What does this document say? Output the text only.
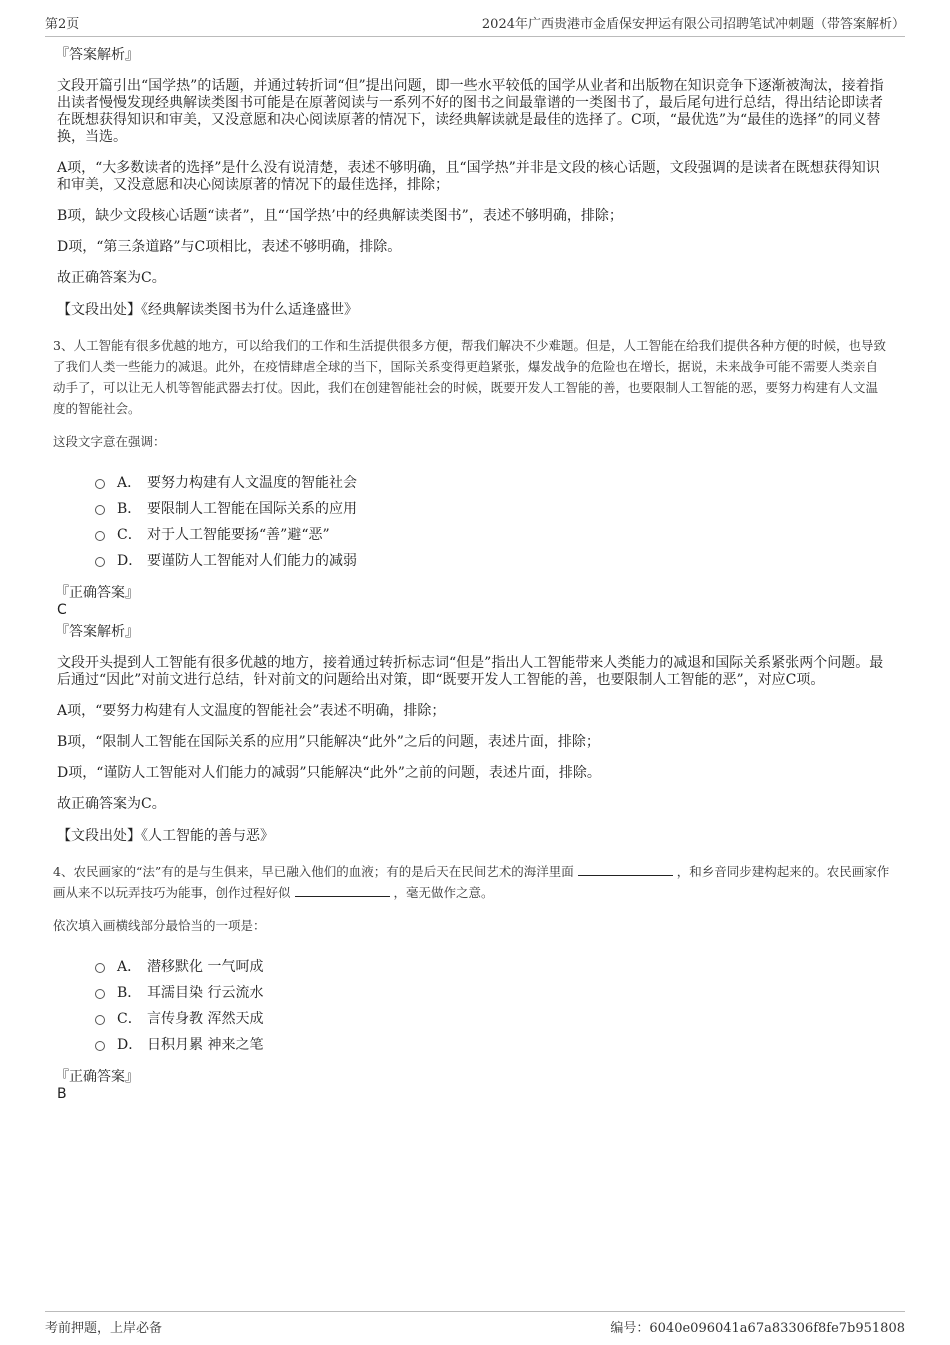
第2页	2024年广西贵港市金盾保安押运有限公司招聘笔试冲刺题（带答案解析）

『答案解析』

文段开篇引出“国学热”的话题，并通过转折词“但”提出问题，即一些水平较低的国学从业者和出版物在知识竞争下逐渐被淘汰，接着指出读者慢慢发现经典解读类图书可能是在原著阅读与一系列不好的图书之间最靠谱的一类图书了，最后尾句进行总结，得出结论即读者在既想获得知识和审美，又没意愿和决心阅读原著的情况下，读经典解读就是最佳的选择了。C项，“最优选”为“最佳的选择”的同义替换，当选。

A项，“大多数读者的选择”是什么没有说清楚，表述不够明确，且“国学热”并非是文段的核心话题，文段强调的是读者在既想获得知识和审美，又没意愿和决心阅读原著的情况下的最佳选择，排除；

B项，缺少文段核心话题“读者”，且“‘国学热’中的经典解读类图书”，表述不够明确，排除；

D项，“第三条道路”与C项相比，表述不够明确，排除。

故正确答案为C。

【文段出处】《经典解读类图书为什么适逢盛世》

3、人工智能有很多优越的地方，可以给我们的工作和生活提供很多方便，帮我们解决不少难题。但是，人工智能在给我们提供各种方便的时候，也导致了我们人类一些能力的减退。此外，在疫情肆虐全球的当下，国际关系变得更趋紧张，爆发战争的危险也在增长，据说，未来战争可能不需要人类亲自动手了，可以让无人机等智能武器去打仗。因此，我们在创建智能社会的时候，既要开发人工智能的善，也要限制人工智能的恶，要努力构建有人文温度的智能社会。

这段文字意在强调：

A． 要努力构建有人文温度的智能社会
B． 要限制人工智能在国际关系的应用
C． 对于人工智能要扬“善”避“恶”
D． 要谨防人工智能对人们能力的减弱

『正确答案』

C

『答案解析』

文段开头提到人工智能有很多优越的地方，接着通过转折标志词“但是”指出人工智能带来人类能力的减退和国际关系紧张两个问题。最后通过“因此”对前文进行总结，针对前文的问题给出对策，即“既要开发人工智能的善，也要限制人工智能的恶”，对应C项。

A项，“要努力构建有人文温度的智能社会”表述不明确，排除；

B项，“限制人工智能在国际关系的应用”只能解决“此外”之后的问题，表述片面，排除；

D项，“谨防人工智能对人们能力的减弱”只能解决“此外”之前的问题，表述片面，排除。

故正确答案为C。

【文段出处】《人工智能的善与恶》

4、农民画家的“法”有的是与生俱来，早已融入他们的血液；有的是后天在民间艺术的海洋里面	，和乡音同步建构起来的。农民画家作画从来不以玩弄技巧为能事，创作过程好似	，毫无做作之意。

依次填入画横线部分最恰当的一项是：

A． 潜移默化 一气呵成
B． 耳濡目染 行云流水
C． 言传身教 浑然天成
D． 日积月累 神来之笔

『正确答案』

B

考前押题，上岸必备	编号：6040e096041a67a83306f8fe7b951808
